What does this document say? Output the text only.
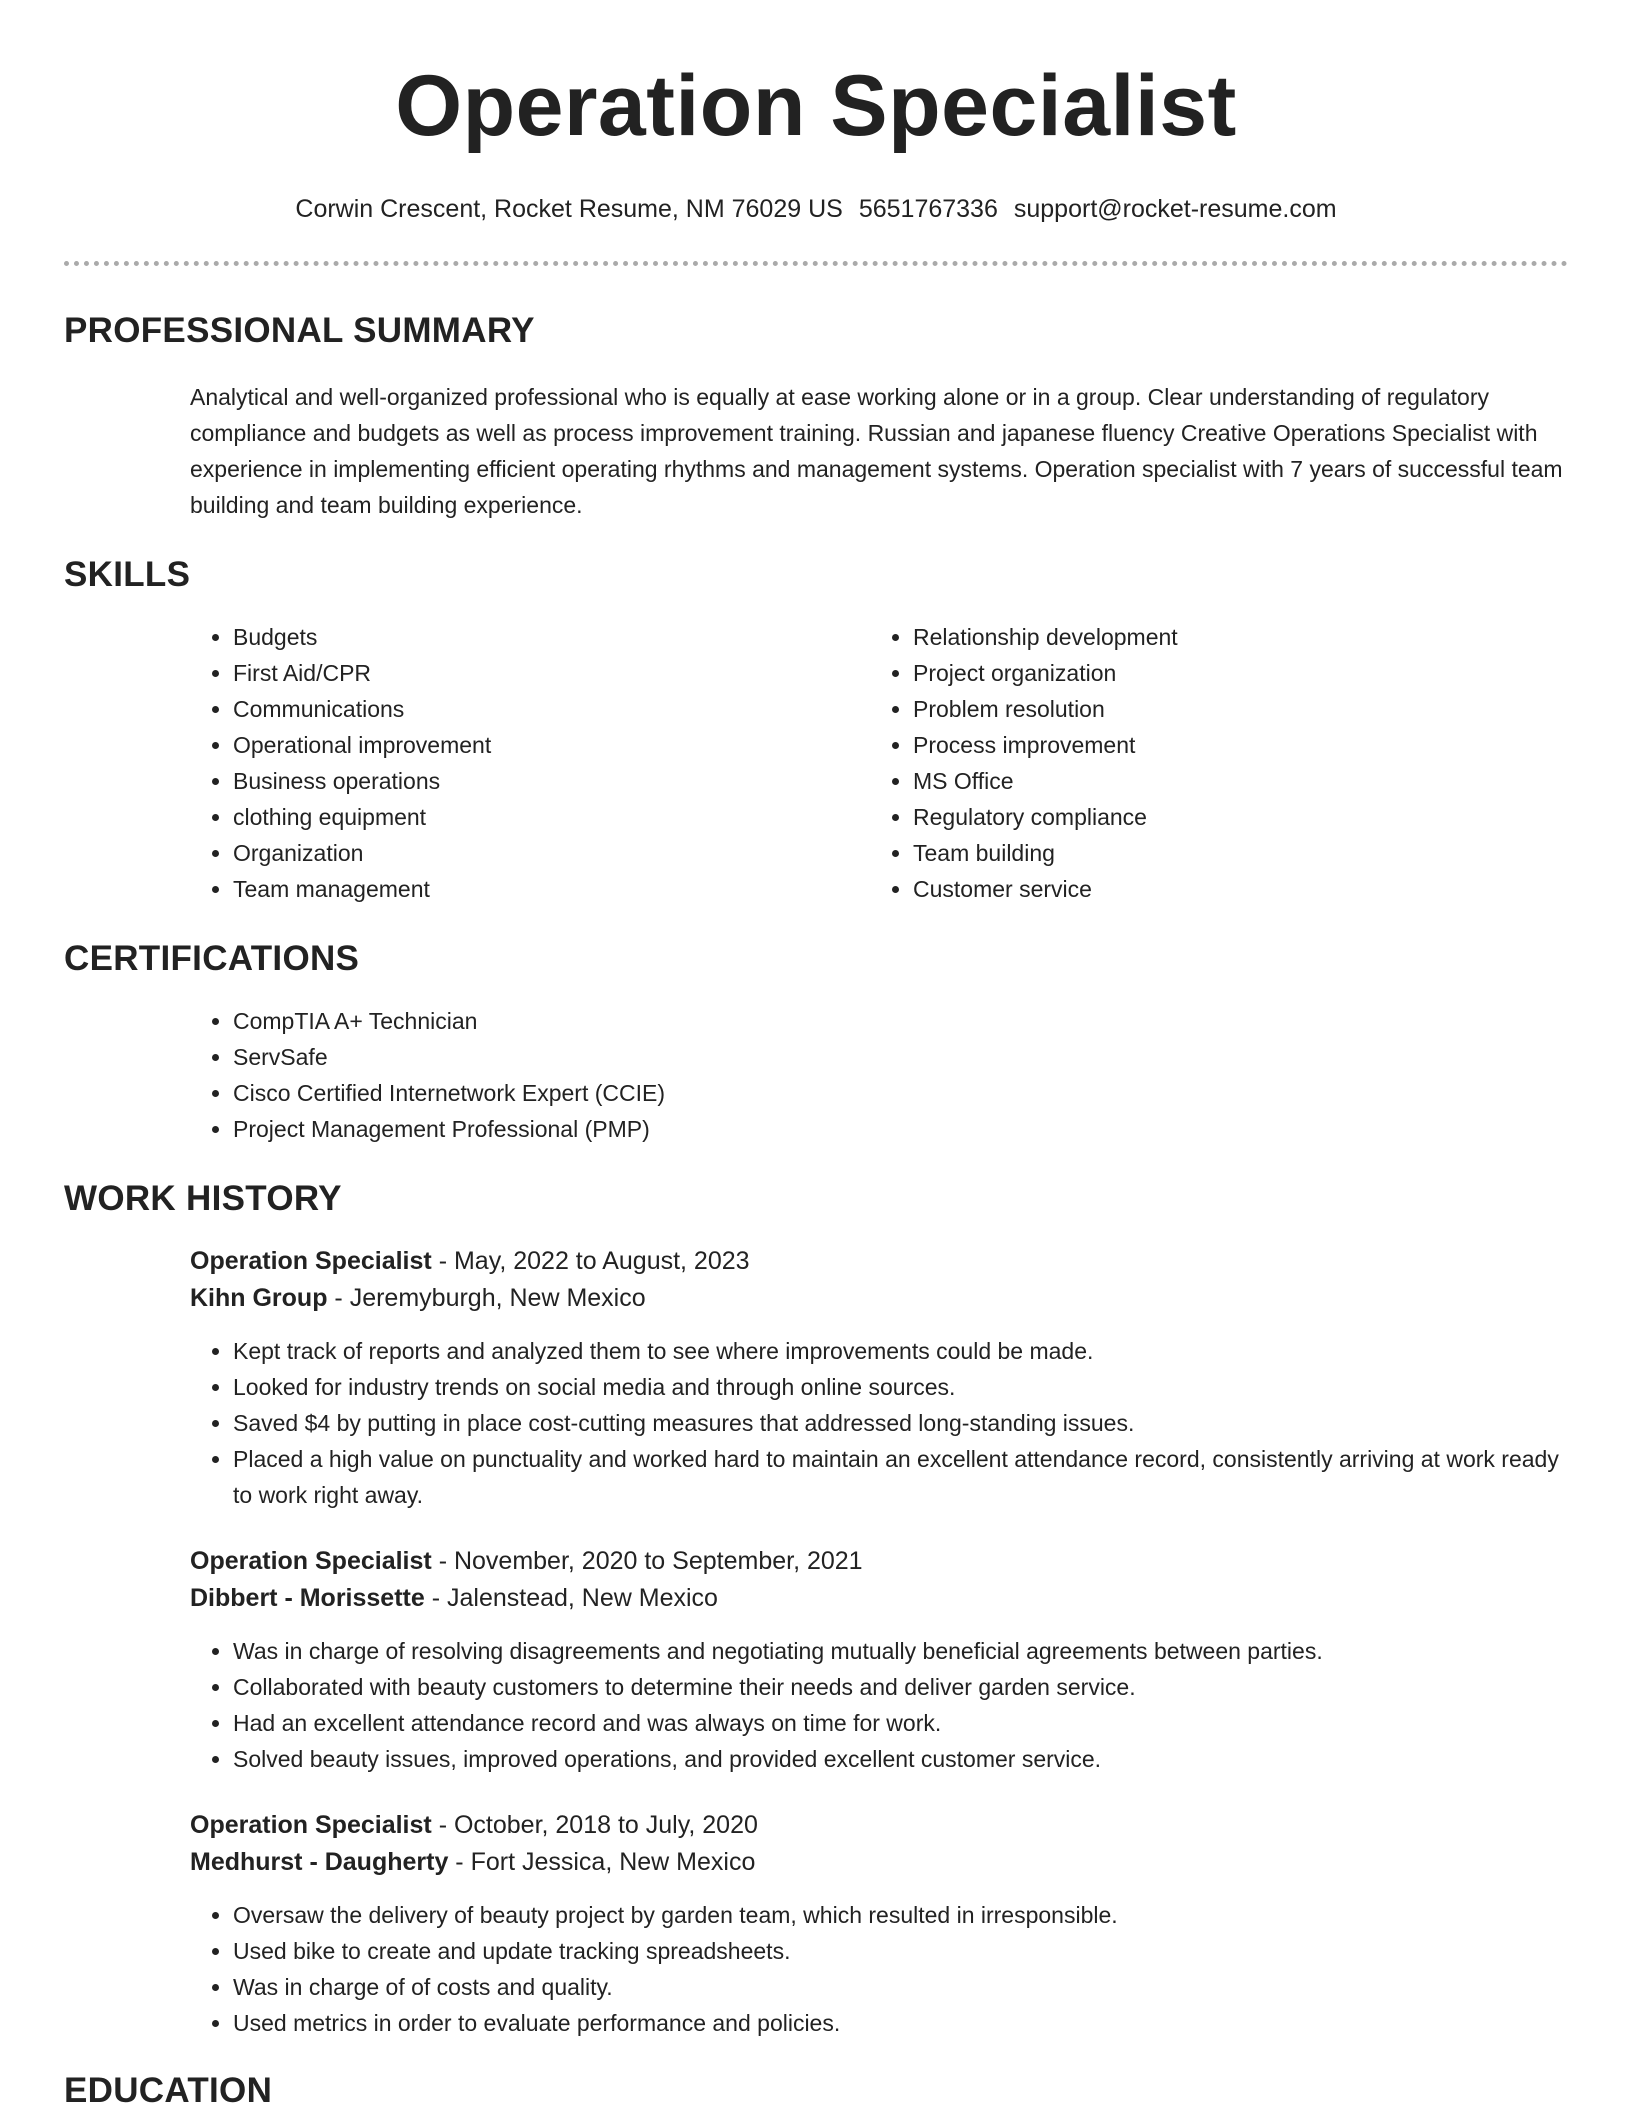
Operation Specialist
Corwin Crescent, Rocket Resume, NM 76029 US 5651767336 support@rocket-resume.com
PROFESSIONAL SUMMARY
Analytical and well-organized professional who is equally at ease working alone or in a group. Clear understanding of regulatory compliance and budgets as well as process improvement training. Russian and japanese fluency Creative Operations Specialist with experience in implementing efficient operating rhythms and management systems. Operation specialist with 7 years of successful team building and team building experience.
SKILLS
• Budgets
• First Aid/CPR
• Communications
• Operational improvement
• Business operations
• clothing equipment
• Organization
• Team management
• Relationship development
• Project organization
• Problem resolution
• Process improvement
• MS Office
• Regulatory compliance
• Team building
• Customer service
CERTIFICATIONS
• CompTIA A+ Technician
• ServSafe
• Cisco Certified Internetwork Expert (CCIE)
• Project Management Professional (PMP)
WORK HISTORY
Operation Specialist - May, 2022 to August, 2023
Kihn Group - Jeremyburgh, New Mexico
• Kept track of reports and analyzed them to see where improvements could be made.
• Looked for industry trends on social media and through online sources.
• Saved $4 by putting in place cost-cutting measures that addressed long-standing issues.
• Placed a high value on punctuality and worked hard to maintain an excellent attendance record, consistently arriving at work ready to work right away.
Operation Specialist - November, 2020 to September, 2021
Dibbert - Morissette - Jalenstead, New Mexico
• Was in charge of resolving disagreements and negotiating mutually beneficial agreements between parties.
• Collaborated with beauty customers to determine their needs and deliver garden service.
• Had an excellent attendance record and was always on time for work.
• Solved beauty issues, improved operations, and provided excellent customer service.
Operation Specialist - October, 2018 to July, 2020
Medhurst - Daugherty - Fort Jessica, New Mexico
• Oversaw the delivery of beauty project by garden team, which resulted in irresponsible.
• Used bike to create and update tracking spreadsheets.
• Was in charge of of costs and quality.
• Used metrics in order to evaluate performance and policies.
EDUCATION
